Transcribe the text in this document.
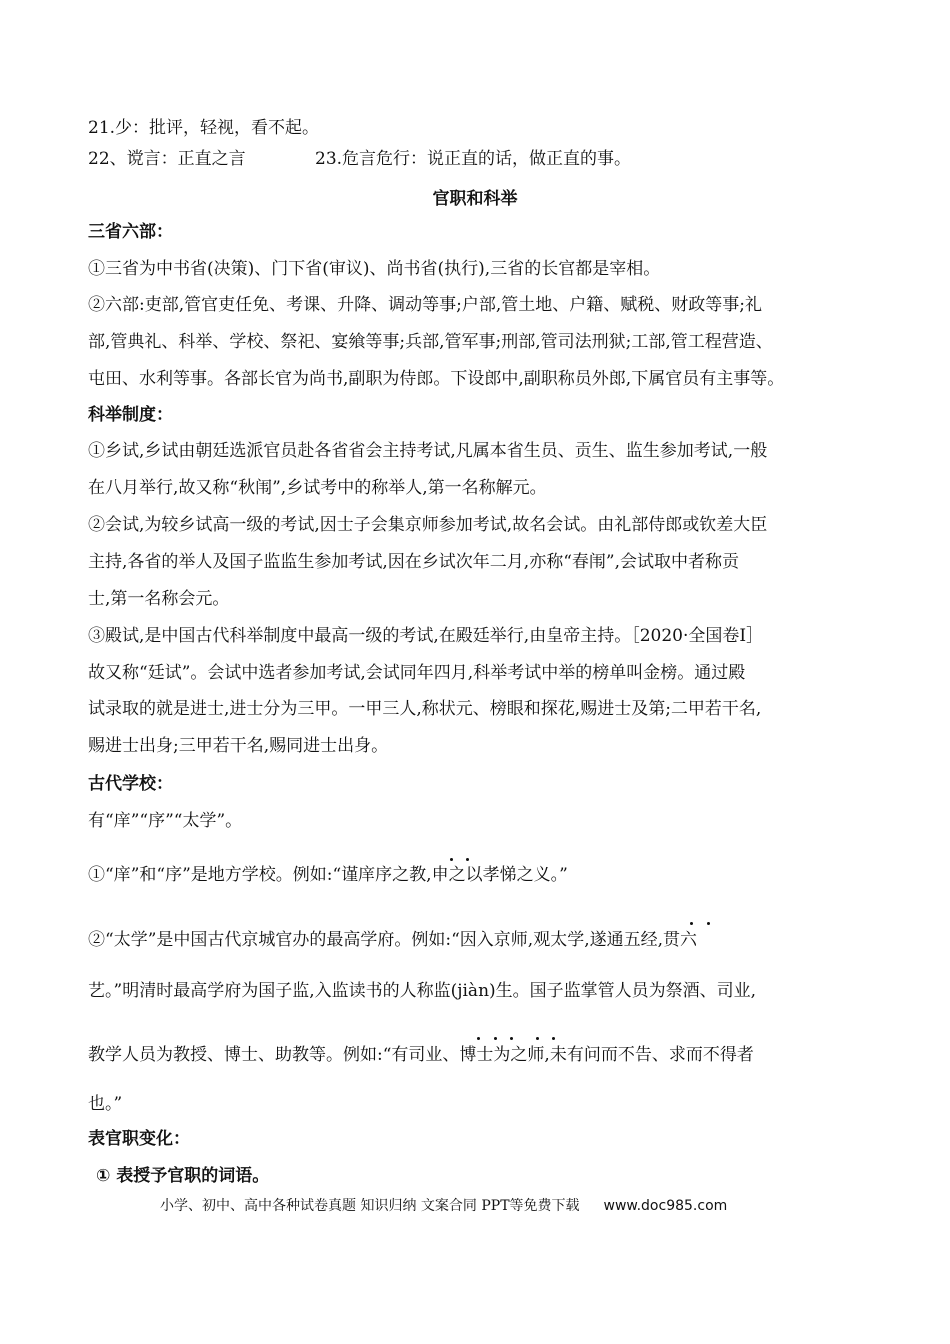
21.少：批评，轻视，看不起。
22、谠言：正直之言	23.危言危行：说正直的话，做正直的事。
官职和科举
三省六部：
①三省为中书省(决策)、门下省(审议)、尚书省(执行),三省的长官都是宰相。
②六部:吏部,管官吏任免、考课、升降、调动等事;户部,管土地、户籍、赋税、财政等事;礼
部,管典礼、科举、学校、祭祀、宴飨等事;兵部,管军事;刑部,管司法刑狱;工部,管工程营造、
屯田、水利等事。各部长官为尚书,副职为侍郎。下设郎中,副职称员外郎,下属官员有主事等。
科举制度：
①乡试,乡试由朝廷选派官员赴各省省会主持考试,凡属本省生员、贡生、监生参加考试,一般
在八月举行,故又称“秋闱”,乡试考中的称举人,第一名称解元。
②会试,为较乡试高一级的考试,因士子会集京师参加考试,故名会试。由礼部侍郎或钦差大臣
主持,各省的举人及国子监监生参加考试,因在乡试次年二月,亦称“春闱”,会试取中者称贡
士,第一名称会元。
③殿试,是中国古代科举制度中最高一级的考试,在殿廷举行,由皇帝主持。［2020·全国卷Ⅰ］
故又称“廷试”。会试中选者参加考试,会试同年四月,科举考试中举的榜单叫金榜。通过殿
试录取的就是进士,进士分为三甲。一甲三人,称状元、榜眼和探花,赐进士及第;二甲若干名,
赐进士出身;三甲若干名,赐同进士出身。
古代学校：
有“庠”“序”“太学”。
①“庠”和“序”是地方学校。例如:“谨庠序之教,申之以孝悌之义。”
②“太学”是中国古代京城官办的最高学府。例如:“因入京师,观太学,遂通五经,贯六
艺。”明清时最高学府为国子监,入监读书的人称监(jiàn)生。国子监掌管人员为祭酒、司业,
教学人员为教授、博士、助教等。例如:“有司业、博士为之师,未有问而不告、求而不得者
也。”
表官职变化：
① 表授予官职的词语。
小学、初中、高中各种试卷真题 知识归纳 文案合同 PPT等免费下载 www.doc985.com
